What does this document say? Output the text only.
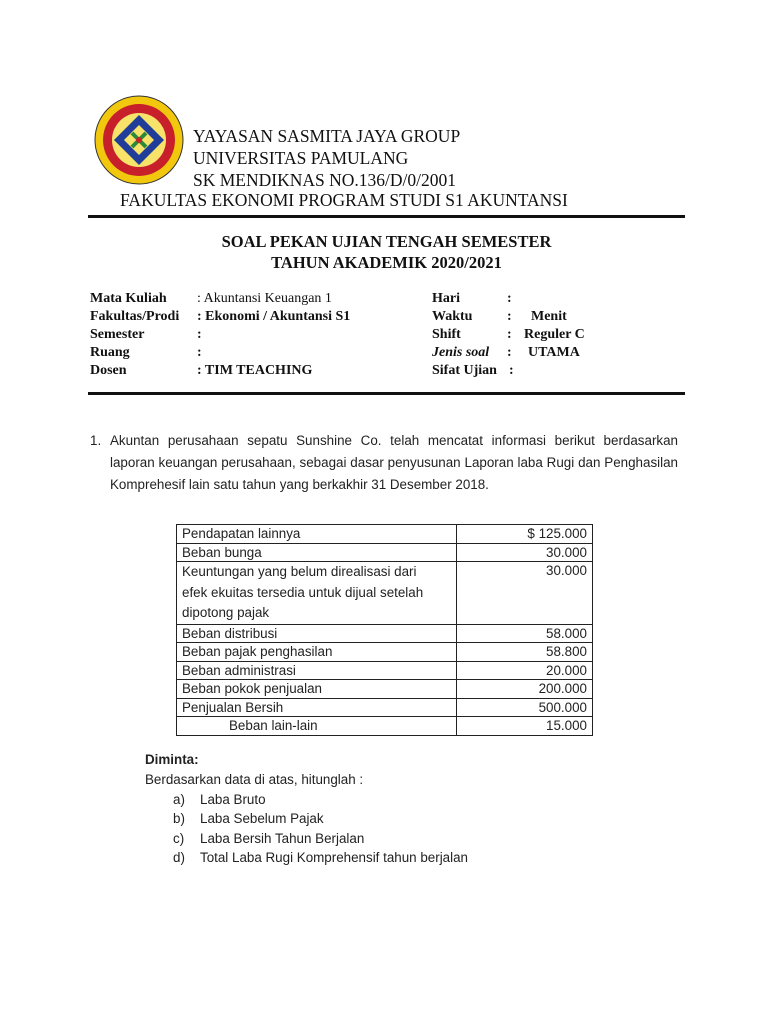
YAYASAN SASMITA JAYA GROUP
UNIVERSITAS PAMULANG
SK MENDIKNAS NO.136/D/0/2001
FAKULTAS EKONOMI PROGRAM STUDI S1 AKUNTANSI
SOAL PEKAN UJIAN TENGAH SEMESTER
TAHUN AKADEMIK 2020/2021
Mata Kuliah : Akuntansi Keuangan 1
Fakultas/Prodi : Ekonomi / Akuntansi S1
Semester	:
Ruang	:
Dosen	: TIM TEACHING
Hari	:
Waktu : Menit
Shift	: Reguler C
Jenis soal : UTAMA
Sifat Ujian :
1. Akuntan perusahaan sepatu Sunshine Co. telah mencatat informasi berikut berdasarkan laporan keuangan perusahaan, sebagai dasar penyusunan Laporan laba Rugi dan Penghasilan Komprehesif lain satu tahun yang berkakhir 31 Desember 2018.
Pendapatan lainnya	$ 125.000
Beban bunga	30.000

Keuntungan yang belum direalisasi dari
efek ekuitas tersedia untuk dijual setelah
dipotong pajak	30.000
Beban distribusi	58.000
Beban pajak penghasilan	58.800
Beban administrasi	20.000
Beban pokok penjualan	200.000
Penjualan Bersih	500.000
Beban lain-lain	15.000
Diminta:
Berdasarkan data di atas, hitunglah :
a) Laba Bruto
b) Laba Sebelum Pajak
c) Laba Bersih Tahun Berjalan
d) Total Laba Rugi Komprehensif tahun berjalan
